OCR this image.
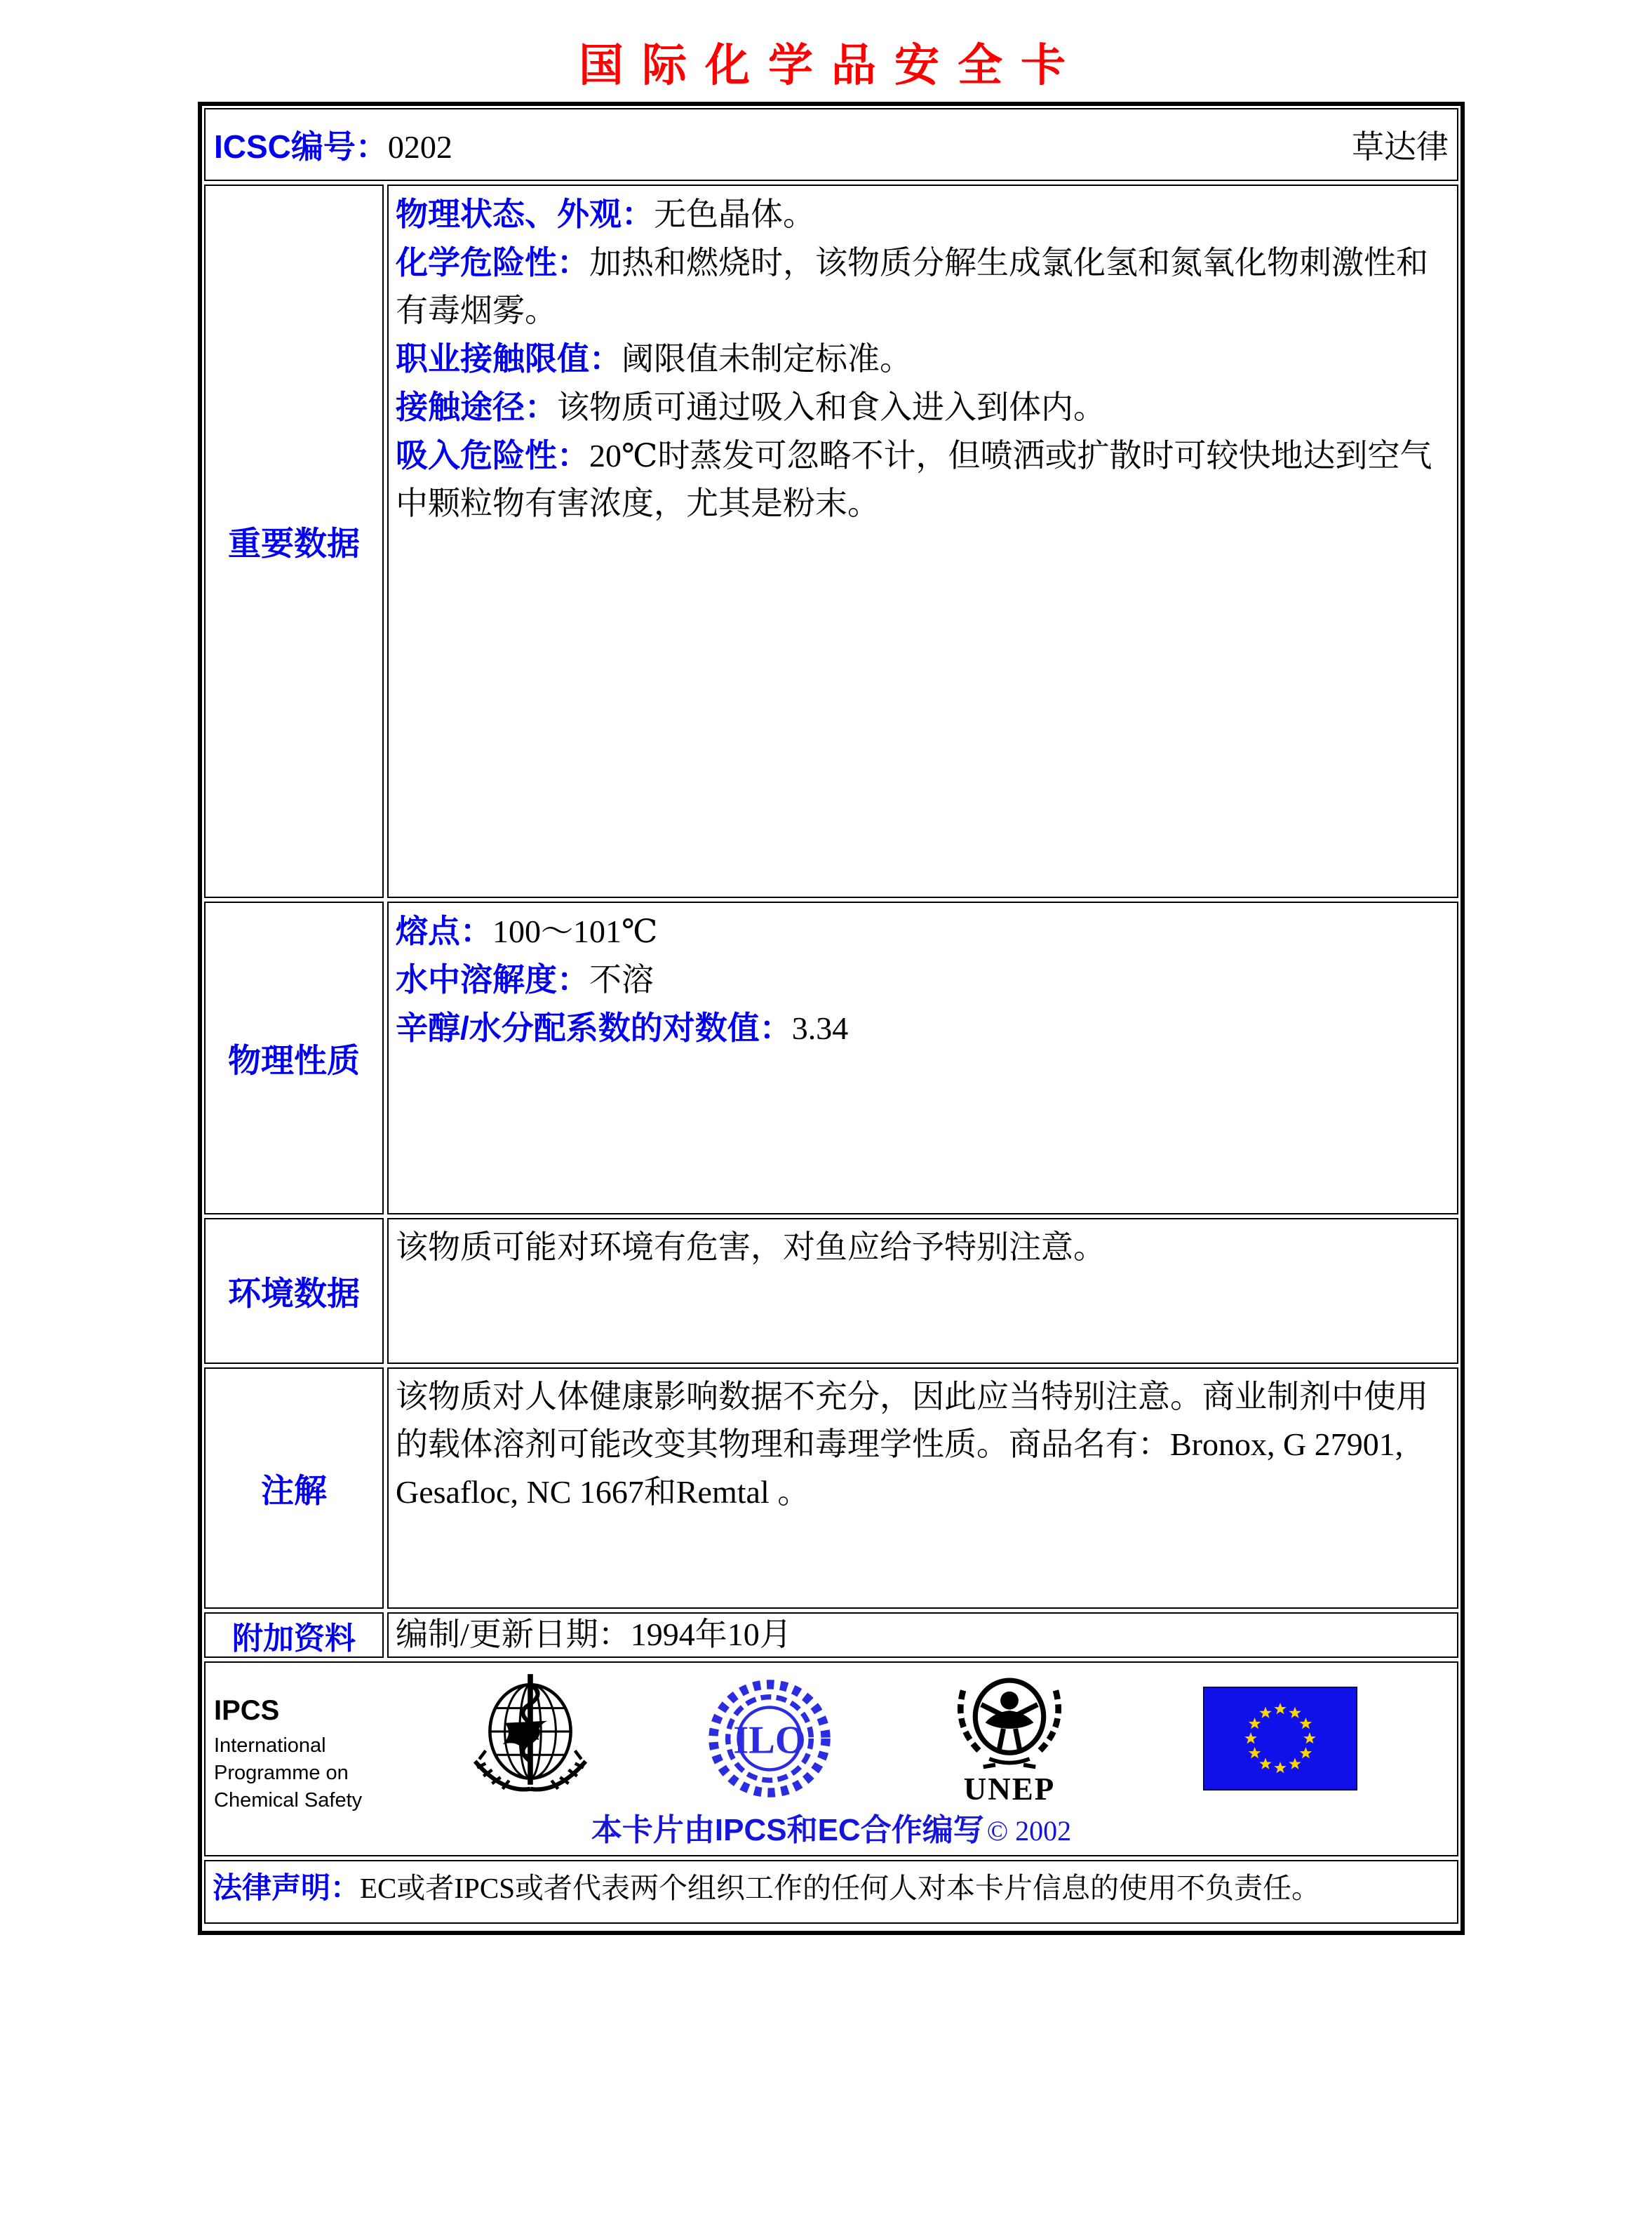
国际化学品安全卡
ICSC编号：0202	草达律
重要数据
物理状态、外观：无色晶体。
化学危险性：加热和燃烧时，该物质分解生成氯化氢和氮氧化物刺激性和有毒烟雾。
职业接触限值：阈限值未制定标准。
接触途径：该物质可通过吸入和食入进入到体内。
吸入危险性：20℃时蒸发可忽略不计，但喷洒或扩散时可较快地达到空气中颗粒物有害浓度，尤其是粉末。
物理性质
熔点：100～101℃
水中溶解度：不溶
辛醇/水分配系数的对数值：3.34
环境数据
该物质可能对环境有危害，对鱼应给予特别注意。
注解
该物质对人体健康影响数据不充分，因此应当特别注意。商业制剂中使用的载体溶剂可能改变其物理和毒理学性质。商品名有：Bronox, G 27901, Gesafloc, NC 1667和Remtal 。
附加资料	编制/更新日期：1994年10月
IPCS
International
Programme on
Chemical Safety
ILO
UNEP
本卡片由IPCS和EC合作编写 © 2002
法律声明：EC或者IPCS或者代表两个组织工作的任何人对本卡片信息的使用不负责任。
